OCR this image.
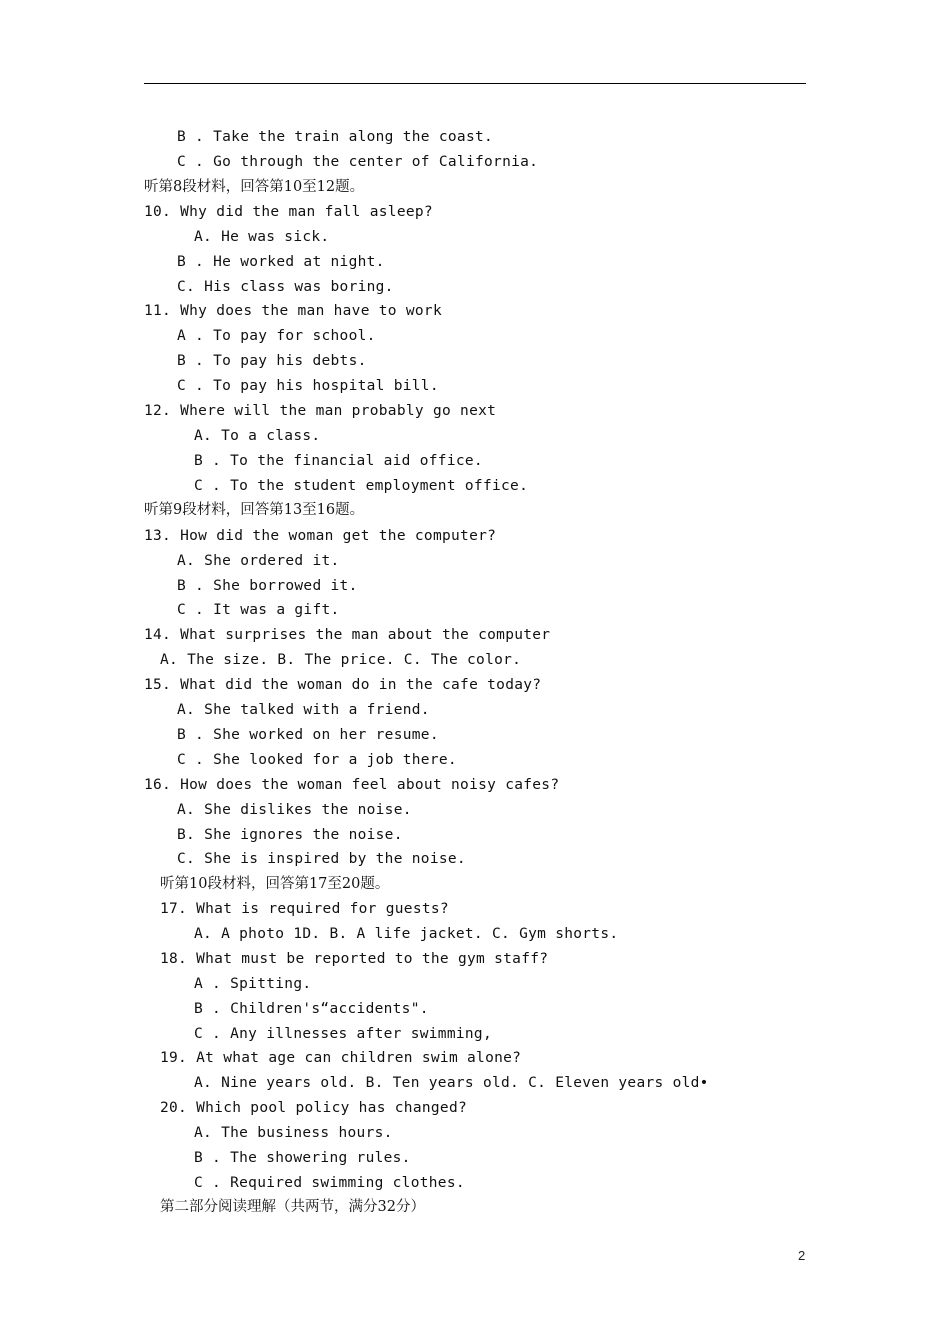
B . Take the train along the coast.
C . Go through the center of California.
听第8段材料，回答第10至12题。
10. Why did the man fall asleep?
A. He was sick.
B . He worked at night.
C. His class was boring.
11. Why does the man have to work
A . To pay for school.
B . To pay his debts.
C . To pay his hospital bill.
12. Where will the man probably go next
A. To a class.
B . To the financial aid office.
C . To the student employment office.
听第9段材料，回答第13至16题。
13. How did the woman get the computer?
A. She ordered it.
B . She borrowed it.
C . It was a gift.
14. What surprises the man about the computer
A. The size. B. The price. C. The color.
15. What did the woman do in the cafe today?
A. She talked with a friend.
B . She worked on her resume.
C . She looked for a job there.
16. How does the woman feel about noisy cafes?
A. She dislikes the noise.
B. She ignores the noise.
C. She is inspired by the noise.
听第10段材料，回答第17至20题。
17. What is required for guests?
A. A photo 1D. B. A life jacket. C. Gym shorts.
18. What must be reported to the gym staff?
A . Spitting.
B . Children's“accidents".
C . Any illnesses after swimming,
19. At what age can children swim alone?
A. Nine years old. B. Ten years old. C. Eleven years old•
20. Which pool policy has changed?
A. The business hours.
B . The showering rules.
C . Required swimming clothes.
第二部分阅读理解（共两节，满分32分）
2
